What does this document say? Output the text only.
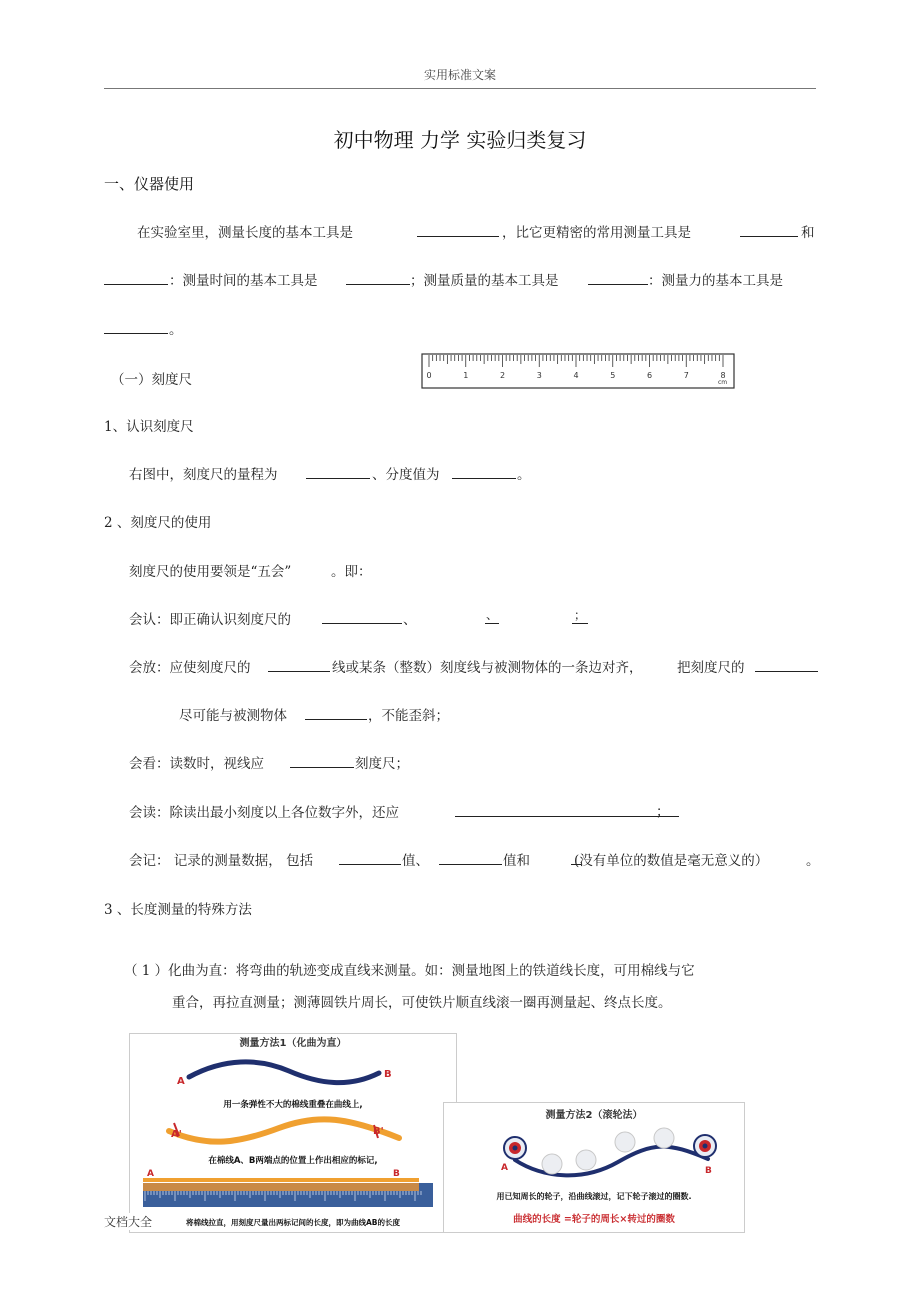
实用标准文案
初中物理 力学 实验归类复习
一、仪器使用
在实验室里，测量长度的基本工具是	，比它更精密的常用测量工具是	和
：测量时间的基本工具是	；测量质量的基本工具是	：测量力的基本工具是
。
（一）刻度尺	0	1	2	3	4	5	6	7	8
cm
1、认识刻度尺
右图中，刻度尺的量程为	、分度值为	。
2 、刻度尺的使用
刻度尺的使用要领是“五会”	。即：
会认：即正确认识刻度尺的	、	、	；
会放：应使刻度尺的	线或某条（整数）刻度线与被测物体的一条边对齐，	把刻度尺的
尽可能与被测物体	，不能歪斜；
会看：读数时，视线应	刻度尺；
会读：除读出最小刻度以上各位数字外，还应	；
会记： 记录的测量数据， 包括	值、	值和	(没有单位的数值是毫无意义的）	。
3 、长度测量的特殊方法
（ 1 ）化曲为直：将弯曲的轨迹变成直线来测量。如：测量地图上的铁道线长度，可用棉线与它
重合，再拉直测量；测薄圆铁片周长，可使铁片顺直线滚一圈再测量起、终点长度。
测量方法1（化曲为直）
A
B
用一条弹性不大的棉线重叠在曲线上,
A'	B'
在棉线A、B两端点的位置上作出相应的标记,
A	B
将棉线拉直，用刻度尺量出两标记间的长度，即为曲线AB的长度
测量方法2（滚轮法）
A	B
用已知周长的轮子，沿曲线滚过，记下轮子滚过的圈数.
曲线的长度 =轮子的周长×转过的圈数
文档大全
